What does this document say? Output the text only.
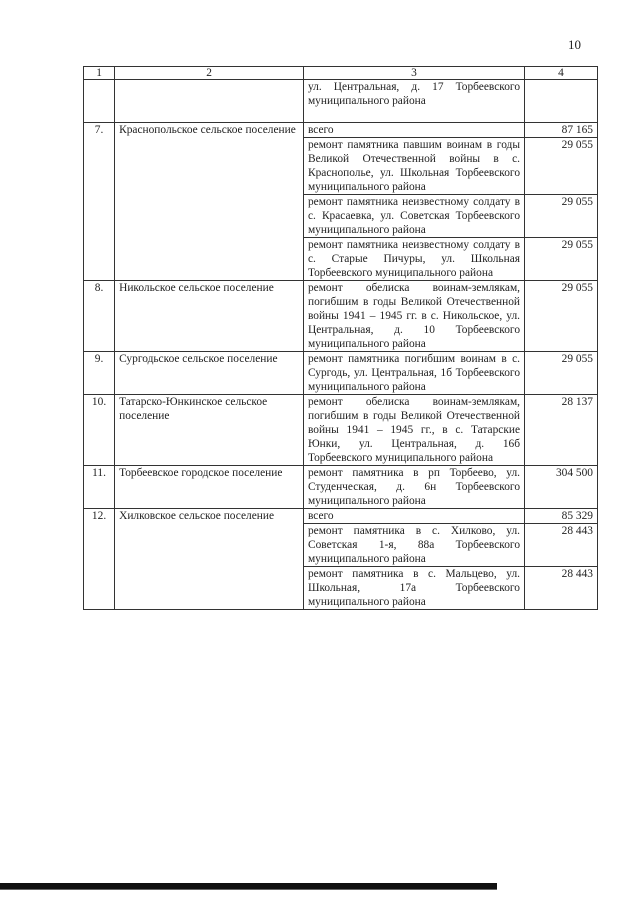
10
1	2	3	4
		ул. Центральная, д. 17 Торбеевского муниципального района	
7.	Краснопольское сельское поселение	всего	87 165
		ремонт памятника павшим воинам в годы Великой Отечественной войны в с. Краснополье, ул. Школьная Торбеевского муниципального района	29 055
		ремонт памятника неизвестному солдату в с. Красаевка, ул. Советская Торбеевского муниципального района	29 055
		ремонт памятника неизвестному солдату в с. Старые Пичуры, ул. Школьная Торбеевского муниципального района	29 055
8.	Никольское сельское поселение	ремонт обелиска воинам-землякам, погибшим в годы Великой Отечественной войны 1941 – 1945 гг. в с. Никольское, ул. Центральная, д. 10 Торбеевского муниципального района	29 055
9.	Сургодьское сельское поселение	ремонт памятника погибшим воинам в с. Сургодь, ул. Центральная, 1б Торбеевского муниципального района	29 055
10.	Татарско-Юнкинское сельское поселение	ремонт обелиска воинам-землякам, погибшим в годы Великой Отечественной войны 1941 – 1945 гг., в с. Татарские Юнки, ул. Центральная, д. 16б Торбеевского муниципального района	28 137
11.	Торбеевское городское поселение	ремонт памятника в рп Торбеево, ул. Студенческая, д. 6н Торбеевского муниципального района	304 500
12.	Хилковское сельское поселение	всего	85 329
		ремонт памятника в с. Хилково, ул. Советская 1-я, 88а Торбеевского муниципального района	28 443
		ремонт памятника в с. Мальцево, ул. Школьная, 17а Торбеевского муниципального района	28 443
